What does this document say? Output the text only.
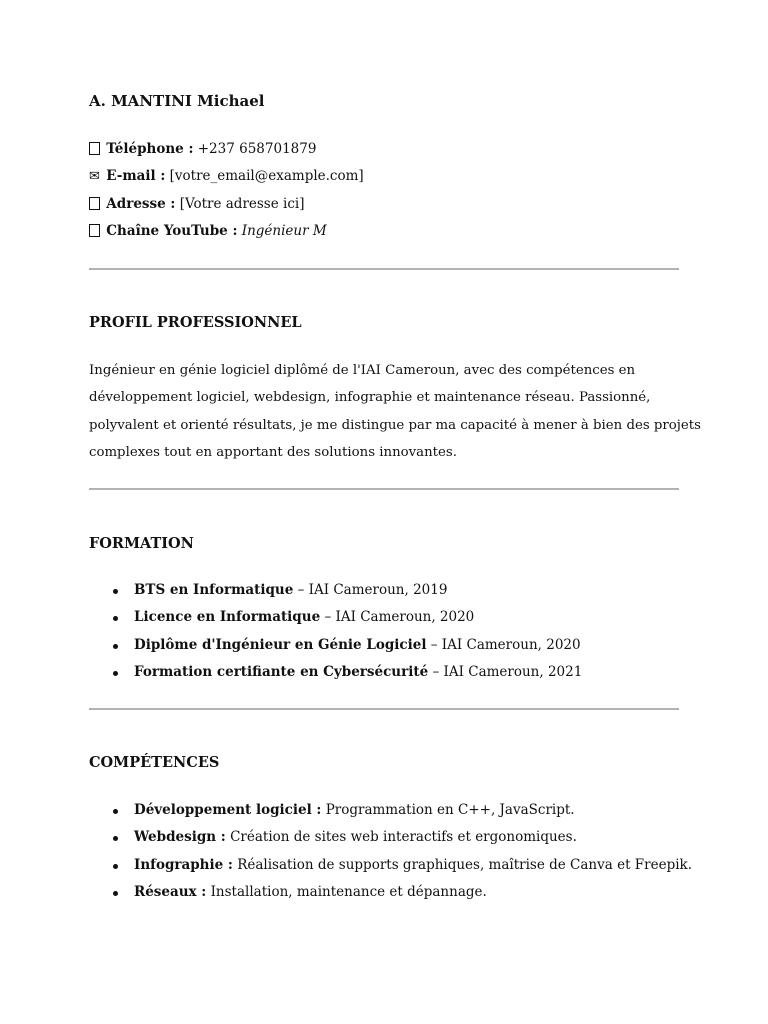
A. MANTINI Michael
Téléphone : +237 658701879
✉ E-mail : [votre_email@example.com]
Adresse : [Votre adresse ici]
Chaîne YouTube : Ingénieur M
PROFIL PROFESSIONNEL
Ingénieur en génie logiciel diplômé de l'IAI Cameroun, avec des compétences en
développement logiciel, webdesign, infographie et maintenance réseau. Passionné,
polyvalent et orienté résultats, je me distingue par ma capacité à mener à bien des projets
complexes tout en apportant des solutions innovantes.
FORMATION
BTS en Informatique – IAI Cameroun, 2019
Licence en Informatique – IAI Cameroun, 2020
Diplôme d'Ingénieur en Génie Logiciel – IAI Cameroun, 2020
Formation certifiante en Cybersécurité – IAI Cameroun, 2021
COMPÉTENCES
Développement logiciel : Programmation en C++, JavaScript.
Webdesign : Création de sites web interactifs et ergonomiques.
Infographie : Réalisation de supports graphiques, maîtrise de Canva et Freepik.
Réseaux : Installation, maintenance et dépannage.
